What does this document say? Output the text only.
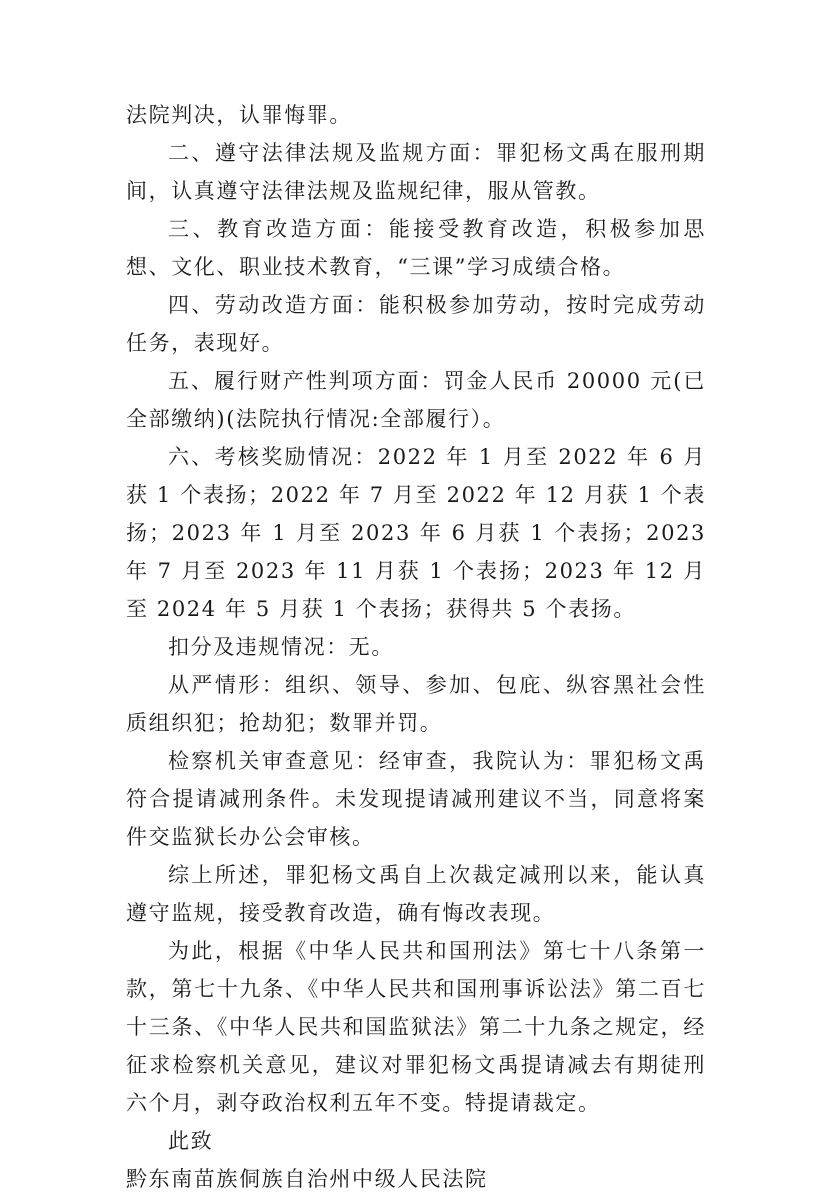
法院判决，认罪悔罪。

二、遵守法律法规及监规方面：罪犯杨文禹在服刑期间，认真遵守法律法规及监规纪律，服从管教。

三、教育改造方面：能接受教育改造，积极参加思想、文化、职业技术教育，“三课”学习成绩合格。

四、劳动改造方面：能积极参加劳动，按时完成劳动任务，表现好。

五、履行财产性判项方面：罚金人民币 20000 元(已全部缴纳)(法院执行情况:全部履行）。

六、考核奖励情况：2022 年 1 月至 2022 年 6 月获 1 个表扬；2022 年 7 月至 2022 年 12 月获 1 个表扬；2023 年 1 月至 2023 年 6 月获 1 个表扬；2023 年 7 月至 2023 年 11 月获 1 个表扬；2023 年 12 月至 2024 年 5 月获 1 个表扬；获得共 5 个表扬。

扣分及违规情况：无。

从严情形：组织、领导、参加、包庇、纵容黑社会性质组织犯；抢劫犯；数罪并罚。

检察机关审查意见：经审查，我院认为：罪犯杨文禹符合提请减刑条件。未发现提请减刑建议不当，同意将案件交监狱长办公会审核。

综上所述，罪犯杨文禹自上次裁定减刑以来，能认真遵守监规，接受教育改造，确有悔改表现。

为此，根据《中华人民共和国刑法》第七十八条第一款，第七十九条、《中华人民共和国刑事诉讼法》第二百七十三条、《中华人民共和国监狱法》第二十九条之规定，经征求检察机关意见，建议对罪犯杨文禹提请减去有期徒刑六个月，剥夺政治权利五年不变。特提请裁定。

此致

黔东南苗族侗族自治州中级人民法院
